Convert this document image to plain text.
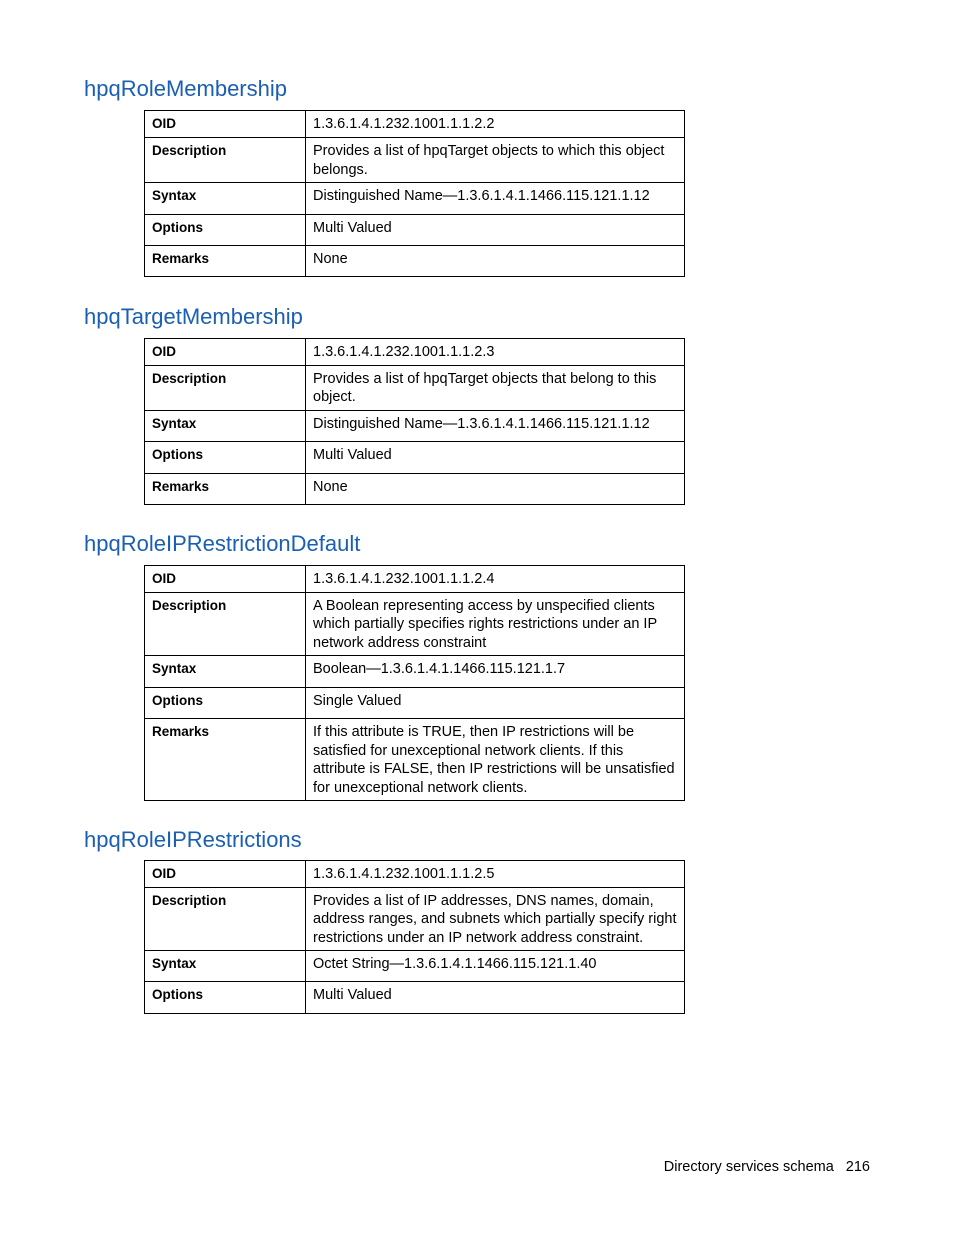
hpqRoleMembership
OID	1.3.6.1.4.1.232.1001.1.1.2.2
Description	Provides a list of hpqTarget objects to which this object belongs.
Syntax	Distinguished Name—1.3.6.1.4.1.1466.115.121.1.12
Options	Multi Valued
Remarks	None
hpqTargetMembership
OID	1.3.6.1.4.1.232.1001.1.1.2.3
Description	Provides a list of hpqTarget objects that belong to this object.
Syntax	Distinguished Name—1.3.6.1.4.1.1466.115.121.1.12
Options	Multi Valued
Remarks	None
hpqRoleIPRestrictionDefault
OID	1.3.6.1.4.1.232.1001.1.1.2.4
Description	A Boolean representing access by unspecified clients which partially specifies rights restrictions under an IP network address constraint
Syntax	Boolean—1.3.6.1.4.1.1466.115.121.1.7
Options	Single Valued
Remarks	If this attribute is TRUE, then IP restrictions will be satisfied for unexceptional network clients. If this attribute is FALSE, then IP restrictions will be unsatisfied for unexceptional network clients.
hpqRoleIPRestrictions
OID	1.3.6.1.4.1.232.1001.1.1.2.5
Description	Provides a list of IP addresses, DNS names, domain, address ranges, and subnets which partially specify right restrictions under an IP network address constraint.
Syntax	Octet String—1.3.6.1.4.1.1466.115.121.1.40
Options	Multi Valued
Directory services schema 216
